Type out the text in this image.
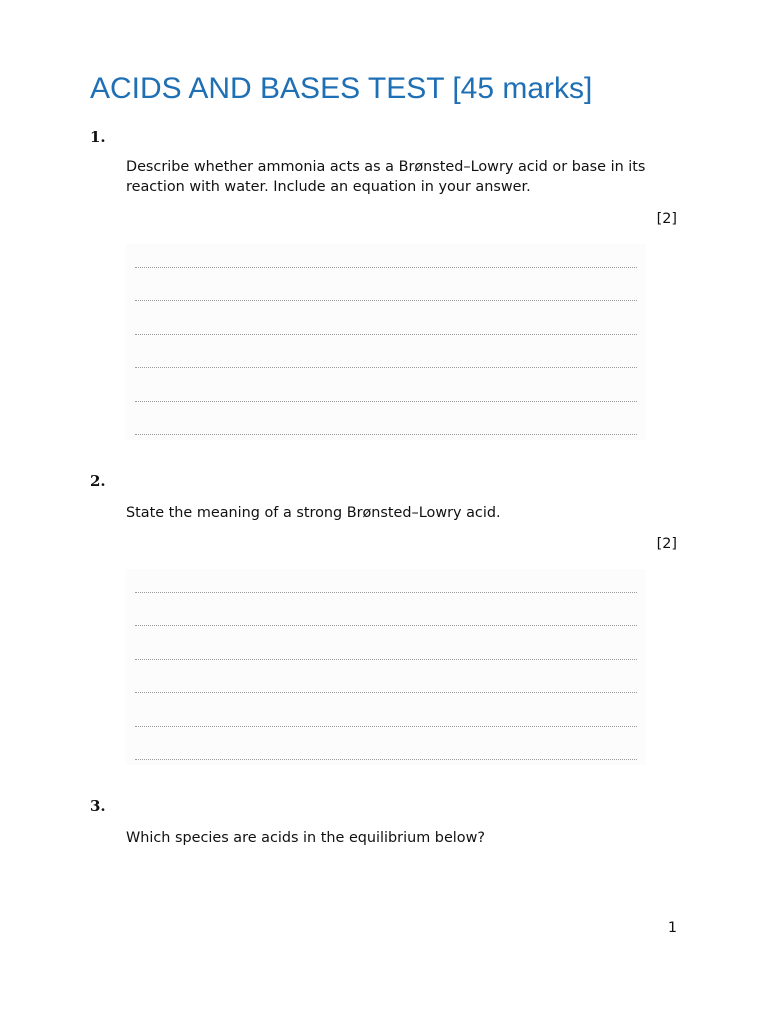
ACIDS AND BASES TEST [45 marks]
1.
Describe whether ammonia acts as a Brønsted–Lowry acid or base in its reaction with water. Include an equation in your answer.
[2]
2.
State the meaning of a strong Brønsted–Lowry acid.
[2]
3.
Which species are acids in the equilibrium below?
1
